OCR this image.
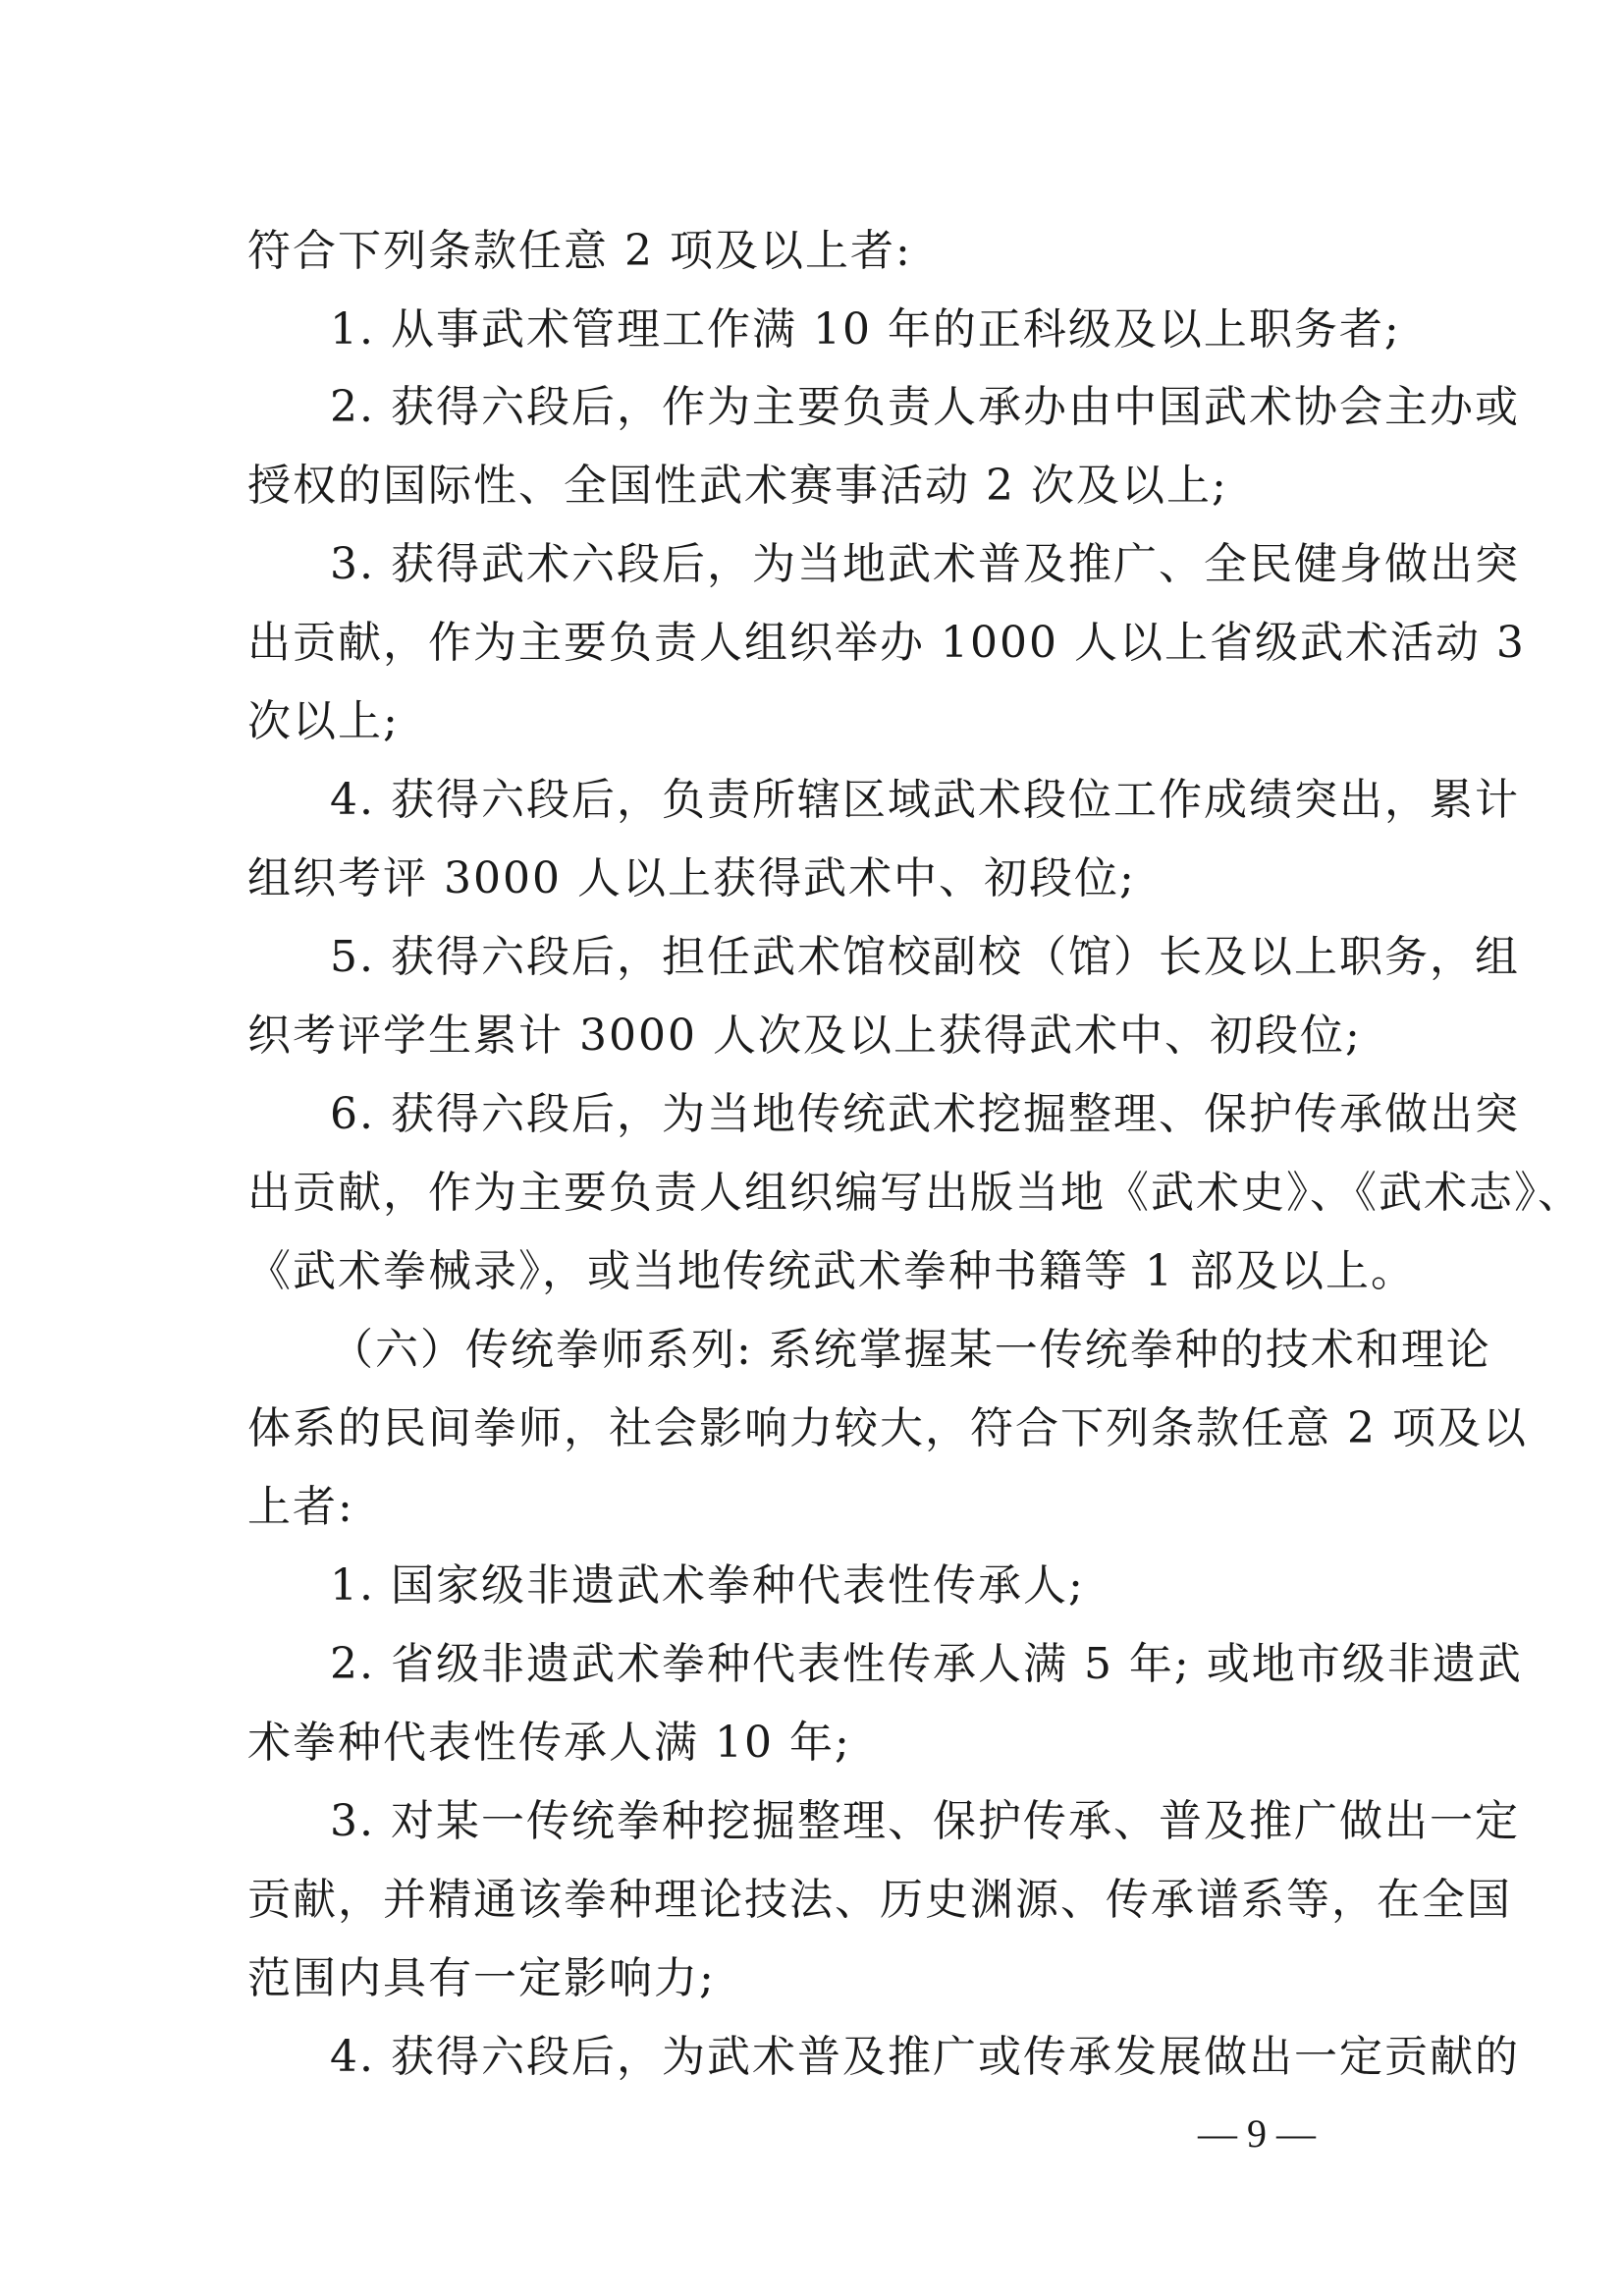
符合下列条款任意 2 项及以上者:
1. 从事武术管理工作满 10 年的正科级及以上职务者;
2. 获得六段后，作为主要负责人承办由中国武术协会主办或
授权的国际性、全国性武术赛事活动 2 次及以上;
3. 获得武术六段后，为当地武术普及推广、全民健身做出突
出贡献，作为主要负责人组织举办 1000 人以上省级武术活动 3
次以上;
4. 获得六段后，负责所辖区域武术段位工作成绩突出，累计
组织考评 3000 人以上获得武术中、初段位;
5. 获得六段后，担任武术馆校副校（馆）长及以上职务，组
织考评学生累计 3000 人次及以上获得武术中、初段位;
6. 获得六段后，为当地传统武术挖掘整理、保护传承做出突
出贡献，作为主要负责人组织编写出版当地《武术史》、《武术志》、
《武术拳械录》，或当地传统武术拳种书籍等 1 部及以上。
（六）传统拳师系列: 系统掌握某一传统拳种的技术和理论
体系的民间拳师，社会影响力较大，符合下列条款任意 2 项及以
上者:
1. 国家级非遗武术拳种代表性传承人;
2. 省级非遗武术拳种代表性传承人满 5 年; 或地市级非遗武
术拳种代表性传承人满 10 年;
3. 对某一传统拳种挖掘整理、保护传承、普及推广做出一定
贡献，并精通该拳种理论技法、历史渊源、传承谱系等，在全国
范围内具有一定影响力;
4. 获得六段后，为武术普及推广或传承发展做出一定贡献的
— 9 —
